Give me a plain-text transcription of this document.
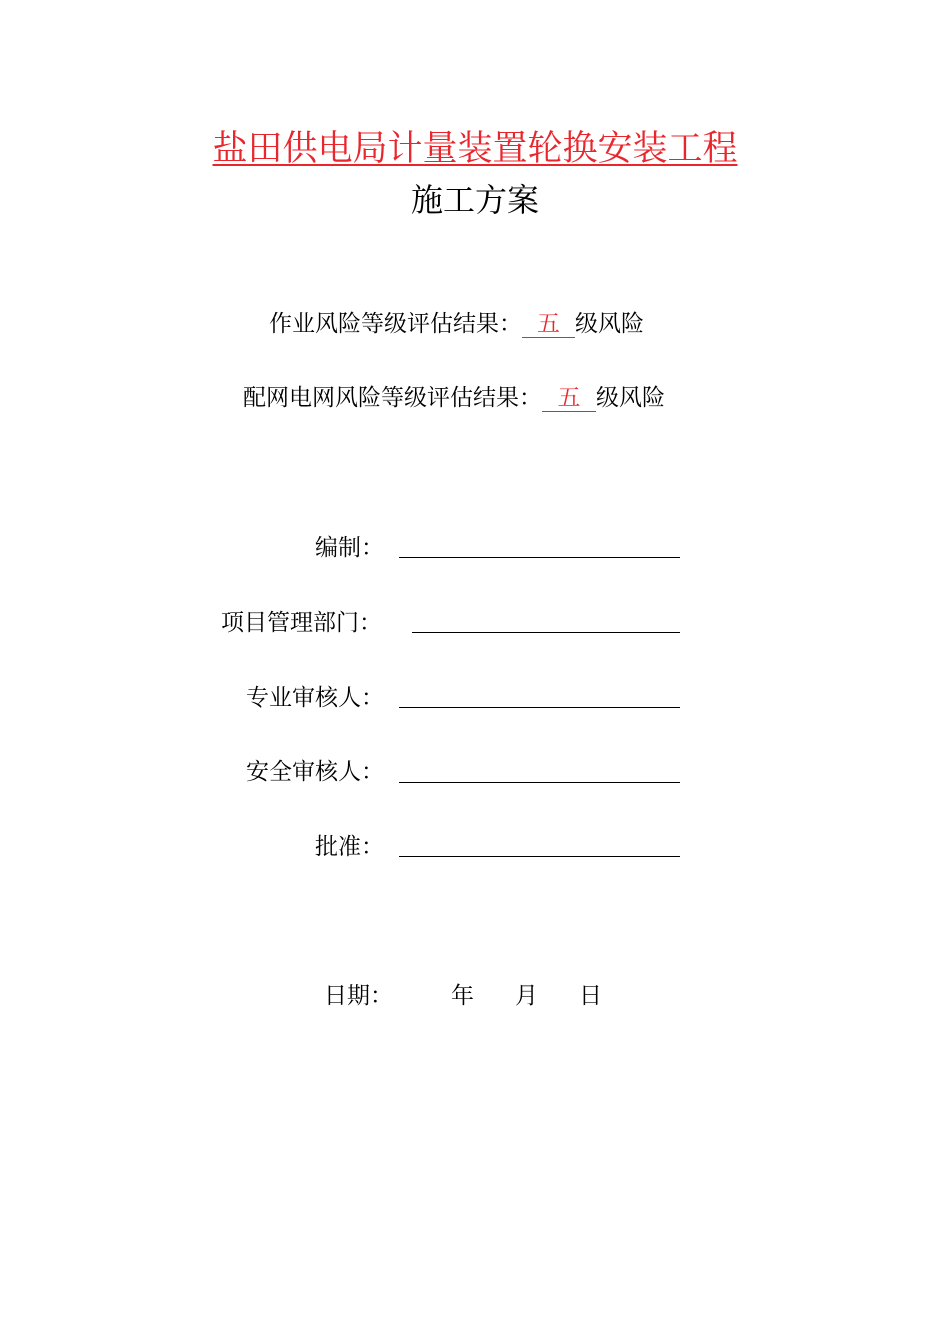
盐田供电局计量装置轮换安装工程
施工方案
作业风险等级评估结果： 五 级风险
配网电网风险等级评估结果： 五 级风险
编制：
项目管理部门：
专业审核人：
安全审核人：
批准：
日期：	年 月 日
